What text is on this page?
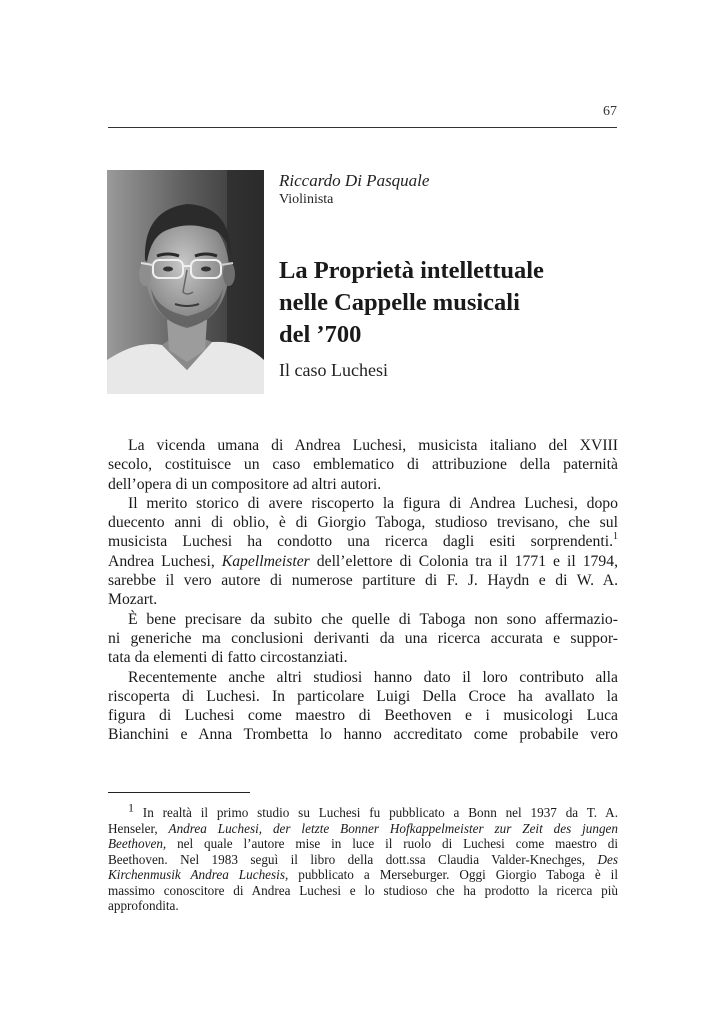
67
Riccardo Di Pasquale
Violinista
La Proprietà intellettuale
nelle Cappelle musicali
del ’700
Il caso Luchesi
La vicenda umana di Andrea Luchesi, musicista italiano del XVIII
secolo, costituisce un caso emblematico di attribuzione della paternità
dell’opera di un compositore ad altri autori.
Il merito storico di avere riscoperto la figura di Andrea Luchesi, dopo
duecento anni di oblio, è di Giorgio Taboga, studioso trevisano, che sul
musicista Luchesi ha condotto una ricerca dagli esiti sorprendenti.$^1$
Andrea Luchesi, Kapellmeister dell’elettore di Colonia tra il 1771 e il 1794,
sarebbe il vero autore di numerose partiture di F. J. Haydn e di W. A.
Mozart.
È bene precisare da subito che quelle di Taboga non sono affermazio-
ni generiche ma conclusioni derivanti da una ricerca accurata e suppor-
tata da elementi di fatto circostanziati.
Recentemente anche altri studiosi hanno dato il loro contributo alla
riscoperta di Luchesi. In particolare Luigi Della Croce ha avallato la
figura di Luchesi come maestro di Beethoven e i musicologi Luca
Bianchini e Anna Trombetta lo hanno accreditato come probabile vero
1 In realtà il primo studio su Luchesi fu pubblicato a Bonn nel 1937 da T. A.
Henseler, Andrea Luchesi, der letzte Bonner Hofkappelmeister zur Zeit des jungen
Beethoven, nel quale l’autore mise in luce il ruolo di Luchesi come maestro di
Beethoven. Nel 1983 seguì il libro della dott.ssa Claudia Valder-Knechges, Des
Kirchenmusik Andrea Luchesis, pubblicato a Merseburger. Oggi Giorgio Taboga è il
massimo conoscitore di Andrea Luchesi e lo studioso che ha prodotto la ricerca più
approfondita.
